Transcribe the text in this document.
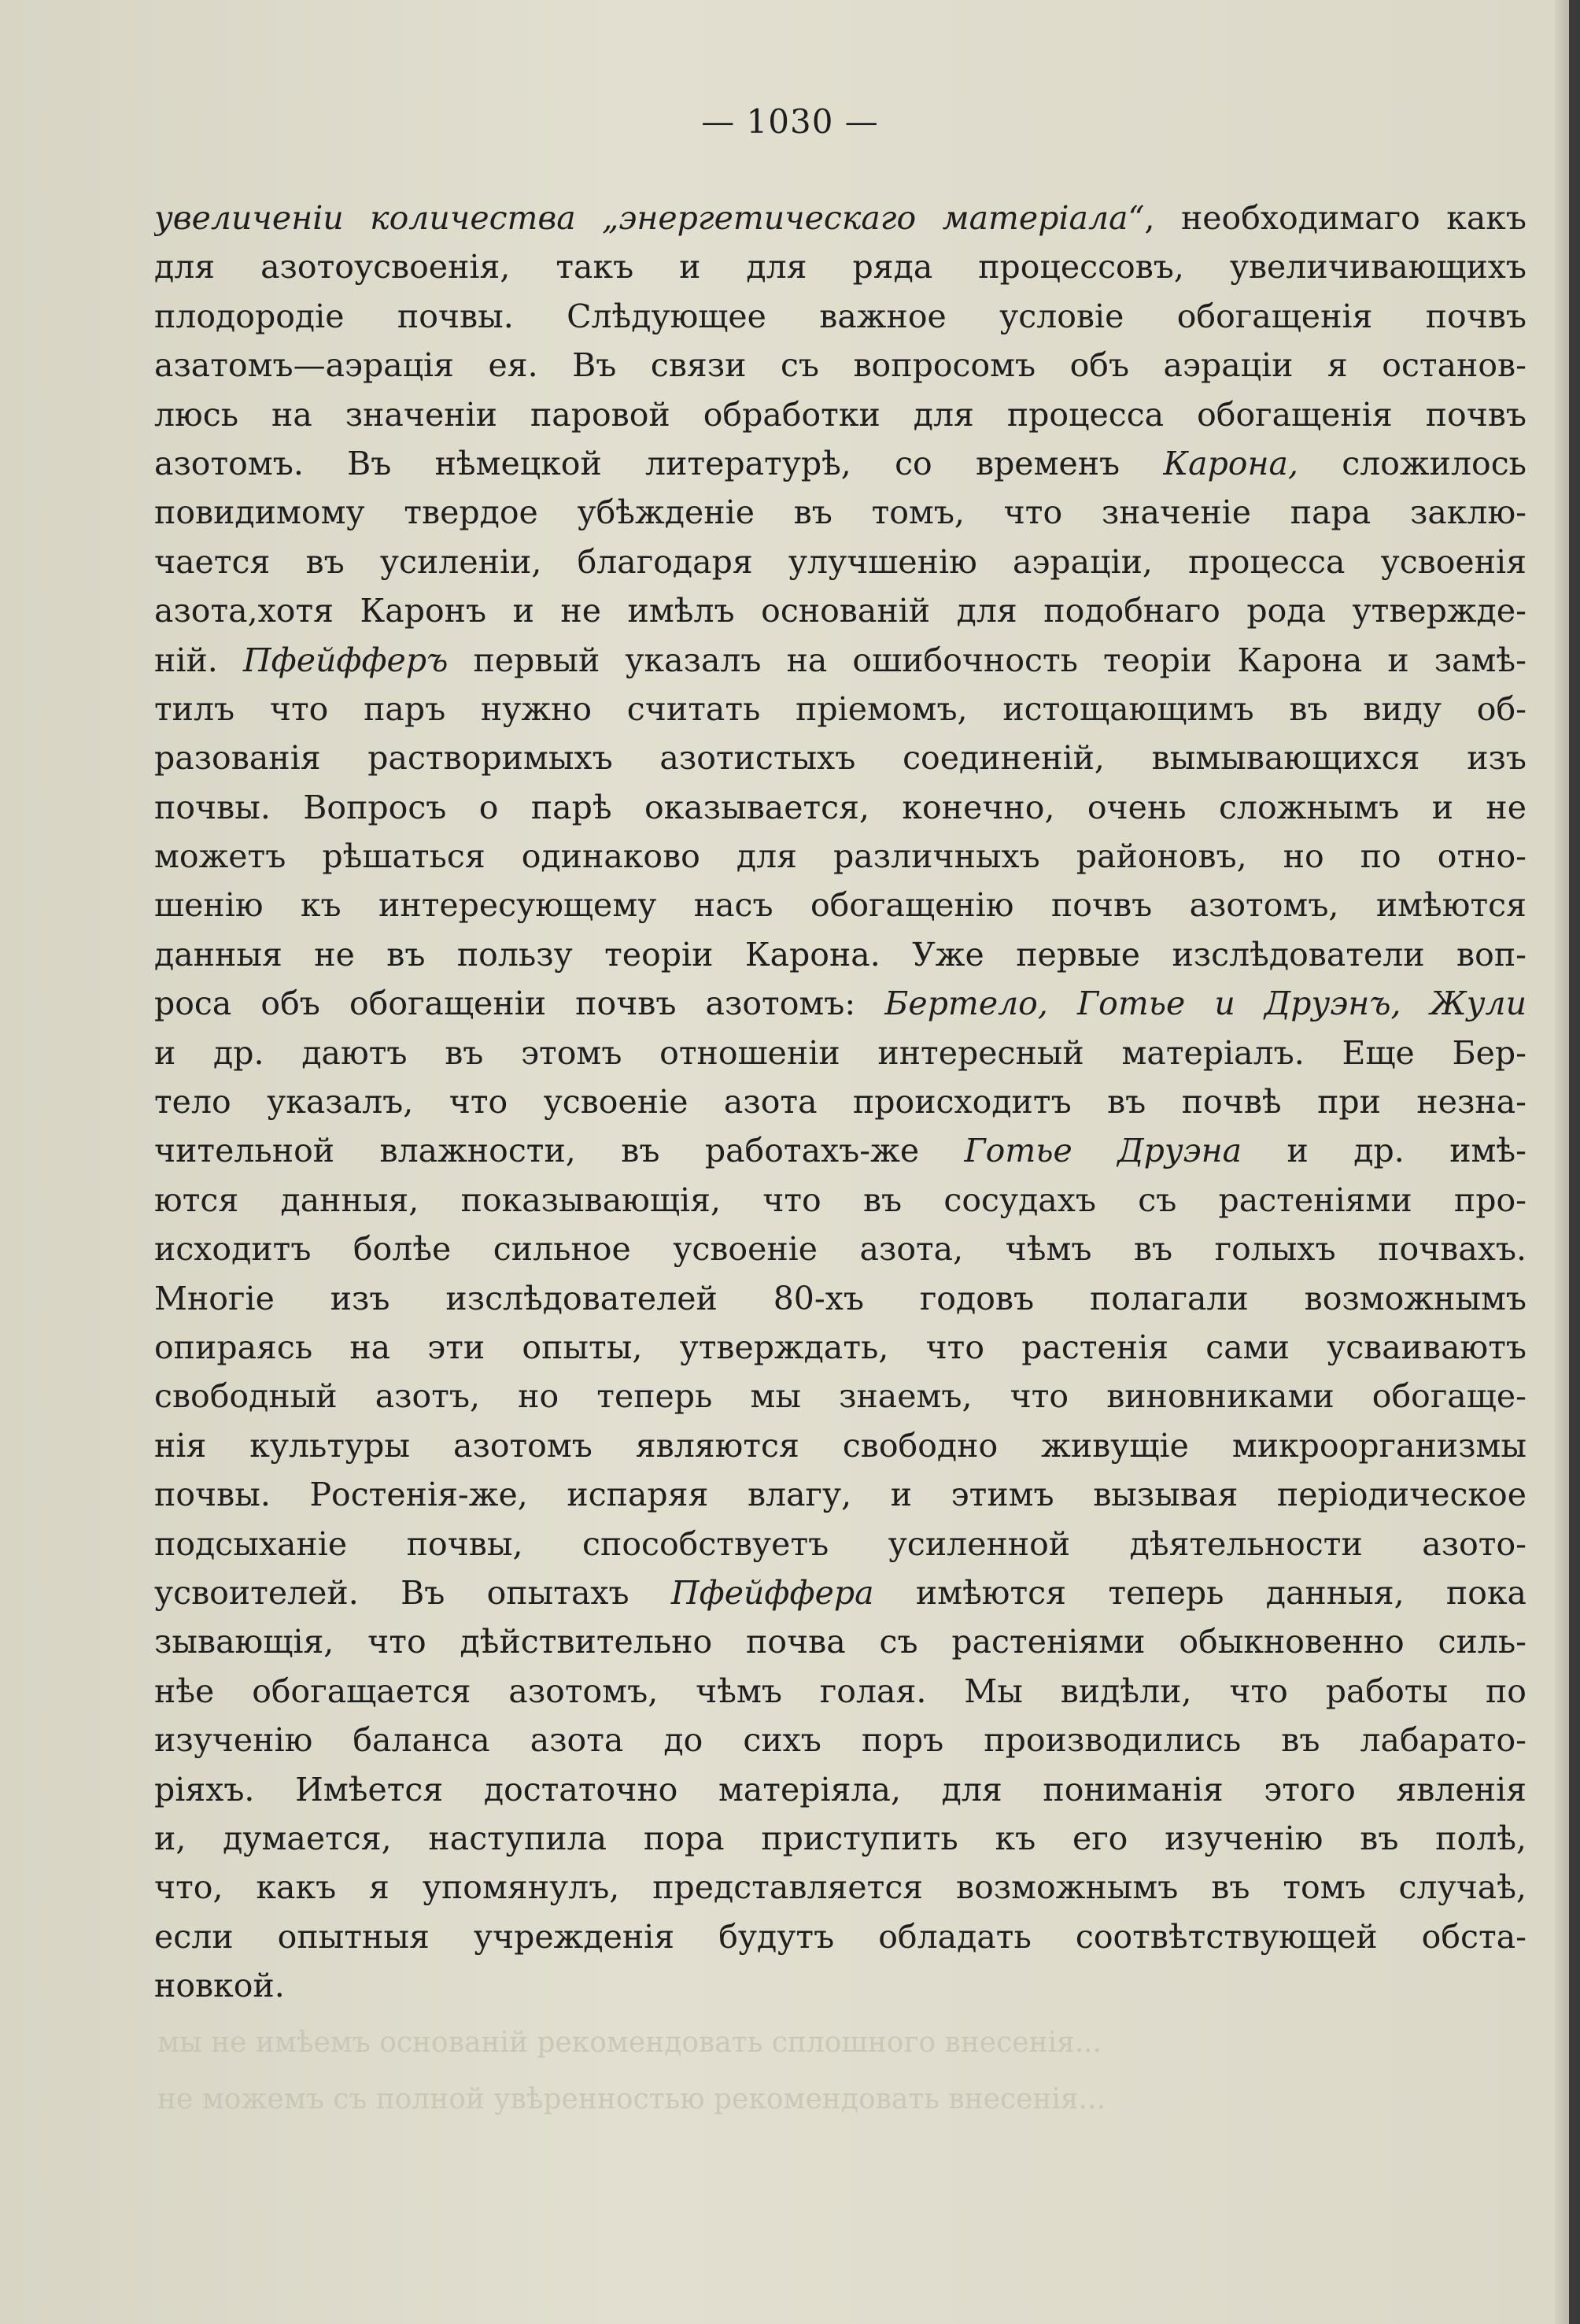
мы не имѣемъ основаній рекомендовать сплошного внесенія...
не можемъ съ полной увѣренностью рекомендовать внесенія...
— 1030 —
увеличеніи количества „энергетическаго матеріала“, необходимаго какъ
для азотоусвоенія, такъ и для ряда процессовъ, увеличивающихъ
плодородіе почвы. Слѣдующее важное условіе обогащенія почвъ
азатомъ—аэрація ея. Въ связи съ вопросомъ объ аэраціи я останов-
люсь на значеніи паровой обработки для процесса обогащенія почвъ
азотомъ. Въ нѣмецкой литературѣ, со временъ Карона, сложилось
повидимому твердое убѣжденіе въ томъ, что значеніе пара заклю-
чается въ усиленіи, благодаря улучшенію аэраціи, процесса усвоенія
азота,хотя Каронъ и не имѣлъ основаній для подобнаго рода утвержде-
ній. Пфейфферъ первый указалъ на ошибочность теоріи Карона и замѣ-
тилъ что паръ нужно считать пріемомъ, истощающимъ въ виду об-
разованія растворимыхъ азотистыхъ соединеній, вымывающихся изъ
почвы. Вопросъ о парѣ оказывается, конечно, очень сложнымъ и не
можетъ рѣшаться одинаково для различныхъ районовъ, но по отно-
шенію къ интересующему насъ обогащенію почвъ азотомъ, имѣются
данныя не въ пользу теоріи Карона. Уже первые изслѣдователи воп-
роса объ обогащеніи почвъ азотомъ: Бертело, Готье и Друэнъ, Жули
и др. даютъ въ этомъ отношеніи интересный матеріалъ. Еще Бер-
тело указалъ, что усвоеніе азота происходитъ въ почвѣ при незна-
чительной влажности, въ работахъ-же Готье Друэна и др. имѣ-
ются данныя, показывающія, что въ сосудахъ съ растеніями про-
исходитъ болѣе сильное усвоеніе азота, чѣмъ въ голыхъ почвахъ.
Многіе изъ изслѣдователей 80-хъ годовъ полагали возможнымъ
опираясь на эти опыты, утверждать, что растенія сами усваиваютъ
свободный азотъ, но теперь мы знаемъ, что виновниками обогаще-
нія культуры азотомъ являются свободно живущіе микроорганизмы
почвы. Ростенія-же, испаряя влагу, и этимъ вызывая періодическое
подсыханіе почвы, способствуетъ усиленной дѣятельности азото-
усвоителей. Въ опытахъ Пфейффера имѣются теперь данныя, пока
зывающія, что дѣйствительно почва съ растеніями обыкновенно силь-
нѣе обогащается азотомъ, чѣмъ голая. Мы видѣли, что работы по
изученію баланса азота до сихъ поръ производились въ лабарато-
ріяхъ. Имѣется достаточно матеріяла, для пониманія этого явленія
и, думается, наступила пора приступить къ его изученію въ полѣ,
что, какъ я упомянулъ, представляется возможнымъ въ томъ случаѣ,
если опытныя учрежденія будутъ обладать соотвѣтствующей обста-
новкой.
